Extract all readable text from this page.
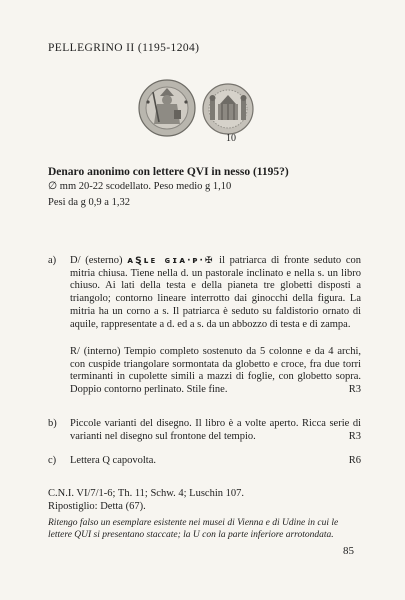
PELLEGRINO II (1195-1204)
10
Denaro anonimo con lettere QVI in nesso (1195?)
∅ mm 20-22 scodellato. Peso medio g 1,10
Pesi da g 0,9 a 1,32
a) D/ (esterno) ᴀⱾʟᴇ ɢɪᴀ·ᴘ·✠ il patriarca di fronte seduto con mitria chiusa. Tiene nella d. un pastorale inclinato e nella s. un libro chiuso. Ai lati della testa e della pianeta tre globetti disposti a triangolo; contorno lineare interrotto dai ginocchi della figura. La mitria ha un corno a s. Il patriarca è seduto su faldistorio ornato di aquile, rappresentate a d. ed a s. da un abbozzo di testa e di zampa.
R/ (interno) Tempio completo sostenuto da 5 colonne e da 4 archi, con cuspide triangolare sormontata da globetto e croce, fra due torri terminanti in cupolette simili a mazzi di foglie, con globetto sopra. Doppio contorno perlinato. Stile fine.	R3
b) Piccole varianti del disegno. Il libro è a volte aperto. Ricca serie di varianti nel disegno sul frontone del tempio.	R3
c) Lettera Q capovolta.	R6
C.N.I. VI/7/1-6; Th. 11; Schw. 4; Luschin 107.
Ripostiglio: Detta (67).
Ritengo falso un esemplare esistente nei musei di Vienna e di Udine in cui le lettere QUI si presentano staccate; la U con la parte inferiore arrotondata.
85
